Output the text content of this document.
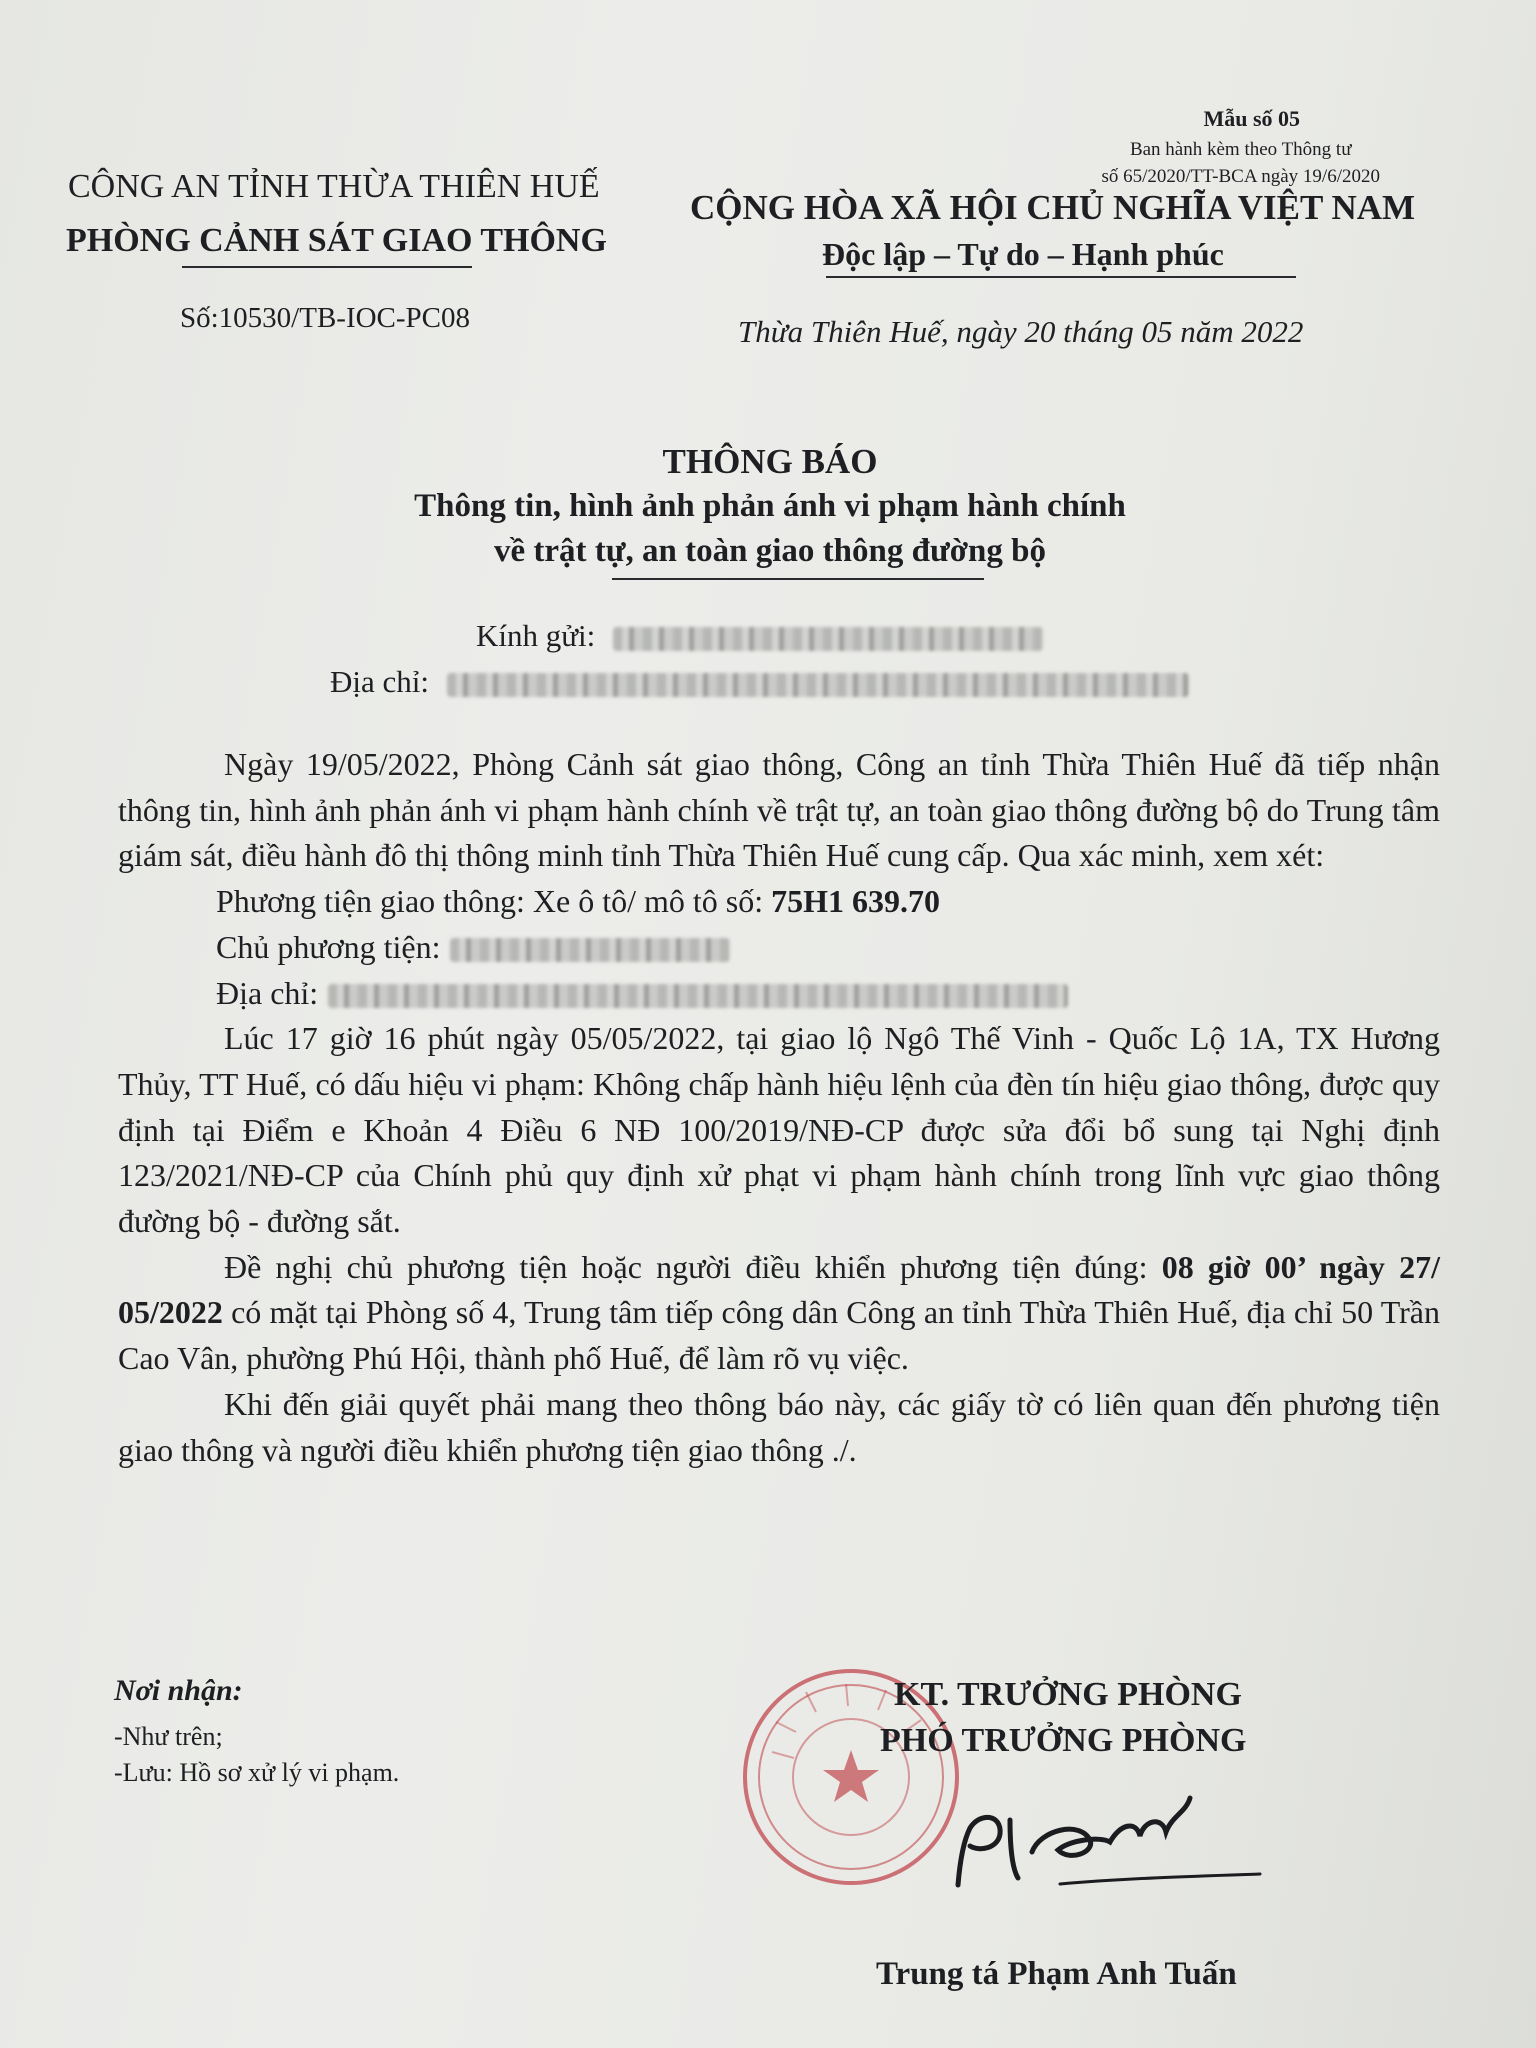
Mẫu số 05
Ban hành kèm theo Thông tư
số 65/2020/TT-BCA ngày 19/6/2020
CÔNG AN TỈNH THỪA THIÊN HUẾ
PHÒNG CẢNH SÁT GIAO THÔNG
Số:10530/TB-IOC-PC08
CỘNG HÒA XÃ HỘI CHỦ NGHĨA VIỆT NAM
Độc lập – Tự do – Hạnh phúc
Thừa Thiên Huế, ngày 20 tháng 05 năm 2022
THÔNG BÁO
Thông tin, hình ảnh phản ánh vi phạm hành chính
về trật tự, an toàn giao thông đường bộ
Kính gửi:
Địa chỉ:

Ngày 19/05/2022, Phòng Cảnh sát giao thông, Công an tỉnh Thừa Thiên Huế đã tiếp nhận thông tin, hình ảnh phản ánh vi phạm hành chính về trật tự, an toàn giao thông đường bộ do Trung tâm giám sát, điều hành đô thị thông minh tỉnh Thừa Thiên Huế cung cấp. Qua xác minh, xem xét:

Phương tiện giao thông: Xe ô tô/ mô tô số: 75H1 639.70

Chủ phương tiện:

Địa chỉ:

Lúc 17 giờ 16 phút ngày 05/05/2022, tại giao lộ Ngô Thế Vinh - Quốc Lộ 1A, TX Hương Thủy, TT Huế, có dấu hiệu vi phạm: Không chấp hành hiệu lệnh của đèn tín hiệu giao thông, được quy định tại Điểm e Khoản 4 Điều 6 NĐ 100/2019/NĐ-CP được sửa đổi bổ sung tại Nghị định 123/2021/NĐ-CP của Chính phủ quy định xử phạt vi phạm hành chính trong lĩnh vực giao thông đường bộ - đường sắt.

Đề nghị chủ phương tiện hoặc người điều khiển phương tiện đúng: 08 giờ 00’ ngày 27/ 05/2022 có mặt tại Phòng số 4, Trung tâm tiếp công dân Công an tỉnh Thừa Thiên Huế, địa chỉ 50 Trần Cao Vân, phường Phú Hội, thành phố Huế, để làm rõ vụ việc.

Khi đến giải quyết phải mang theo thông báo này, các giấy tờ có liên quan đến phương tiện giao thông và người điều khiển phương tiện giao thông ./.

Nơi nhận:
-Như trên;
-Lưu: Hồ sơ xử lý vi phạm.
KT. TRƯỞNG PHÒNG
PHÓ TRƯỞNG PHÒNG
Trung tá Phạm Anh Tuấn
